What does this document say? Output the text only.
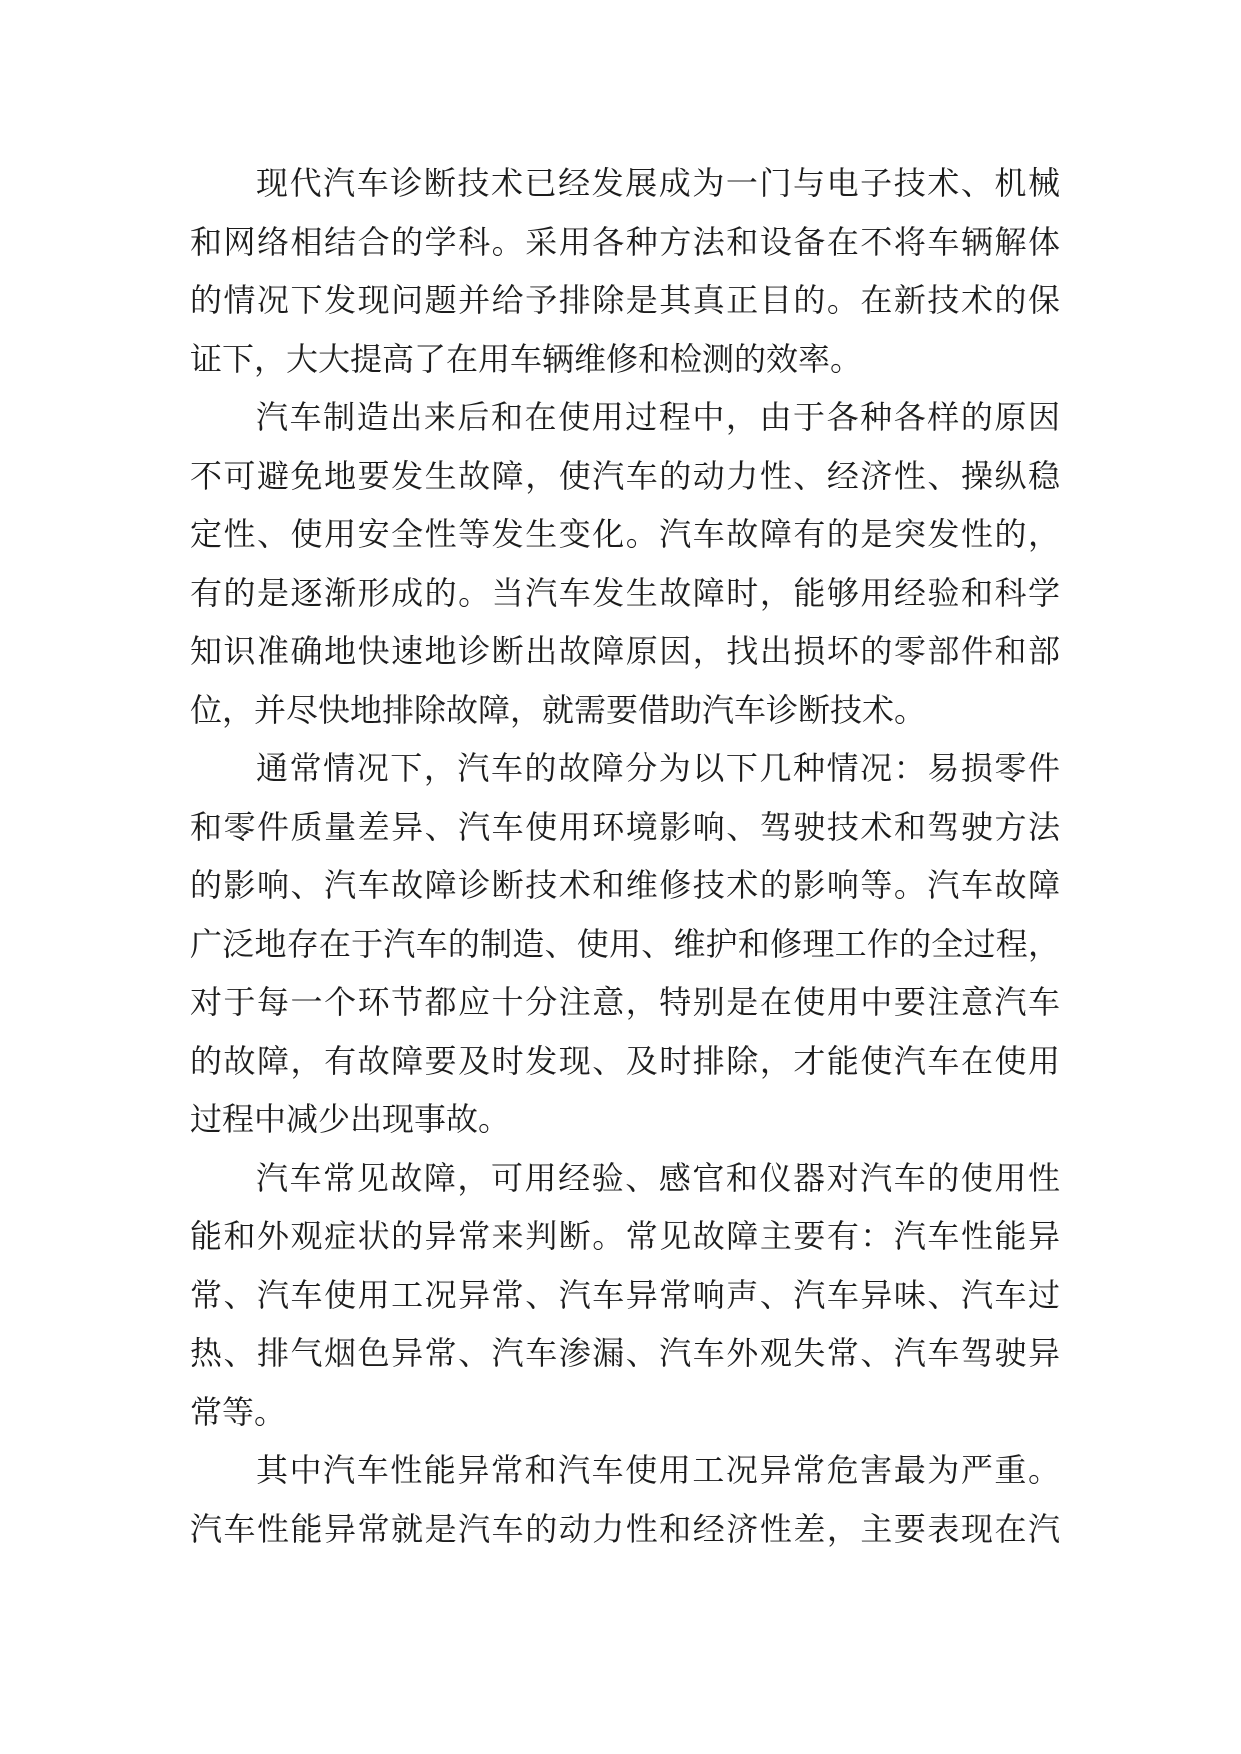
现代汽车诊断技术已经发展成为一门与电子技术、机械
和网络相结合的学科。采用各种方法和设备在不将车辆解体
的情况下发现问题并给予排除是其真正目的。在新技术的保
证下，大大提高了在用车辆维修和检测的效率。
汽车制造出来后和在使用过程中，由于各种各样的原因
不可避免地要发生故障，使汽车的动力性、经济性、操纵稳
定性、使用安全性等发生变化。汽车故障有的是突发性的，
有的是逐渐形成的。当汽车发生故障时，能够用经验和科学
知识准确地快速地诊断出故障原因，找出损坏的零部件和部
位，并尽快地排除故障，就需要借助汽车诊断技术。
通常情况下，汽车的故障分为以下几种情况：易损零件
和零件质量差异、汽车使用环境影响、驾驶技术和驾驶方法
的影响、汽车故障诊断技术和维修技术的影响等。汽车故障
广泛地存在于汽车的制造、使用、维护和修理工作的全过程，
对于每一个环节都应十分注意，特别是在使用中要注意汽车
的故障，有故障要及时发现、及时排除，才能使汽车在使用
过程中减少出现事故。
汽车常见故障，可用经验、感官和仪器对汽车的使用性
能和外观症状的异常来判断。常见故障主要有：汽车性能异
常、汽车使用工况异常、汽车异常响声、汽车异味、汽车过
热、排气烟色异常、汽车渗漏、汽车外观失常、汽车驾驶异
常等。
其中汽车性能异常和汽车使用工况异常危害最为严重。
汽车性能异常就是汽车的动力性和经济性差，主要表现在汽
